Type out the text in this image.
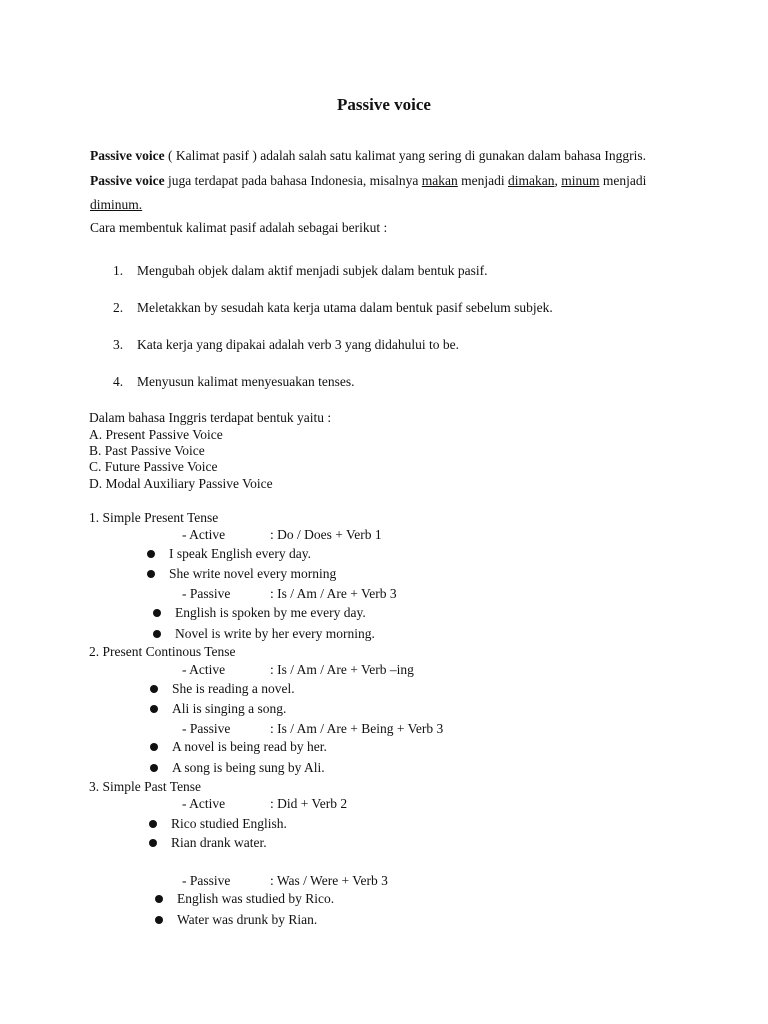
Passive voice
Passive voice ( Kalimat pasif ) adalah salah satu kalimat yang sering di gunakan dalam bahasa Inggris.
Passive voice juga terdapat pada bahasa Indonesia, misalnya makan menjadi dimakan, minum menjadi
diminum.
Cara membentuk kalimat pasif adalah sebagai berikut :
1. Mengubah objek dalam aktif menjadi subjek dalam bentuk pasif.
2. Meletakkan by sesudah kata kerja utama dalam bentuk pasif sebelum subjek.
3. Kata kerja yang dipakai adalah verb 3 yang didahului to be.
4. Menyusun kalimat menyesuakan tenses.
Dalam bahasa Inggris terdapat bentuk yaitu :
A. Present Passive Voice
B. Past Passive Voice
C. Future Passive Voice
D. Modal Auxiliary Passive Voice
1. Simple Present Tense
- Active	: Do / Does + Verb 1
I speak English every day.
She write novel every morning
- Passive	: Is / Am / Are + Verb 3
English is spoken by me every day.
Novel is write by her every morning.
2. Present Continous Tense
- Active	: Is / Am / Are + Verb –ing
She is reading a novel.
Ali is singing a song.
- Passive	: Is / Am / Are + Being + Verb 3
A novel is being read by her.
A song is being sung by Ali.
3. Simple Past Tense
- Active	: Did + Verb 2
Rico studied English.
Rian drank water.
- Passive	: Was / Were + Verb 3
English was studied by Rico.
Water was drunk by Rian.
